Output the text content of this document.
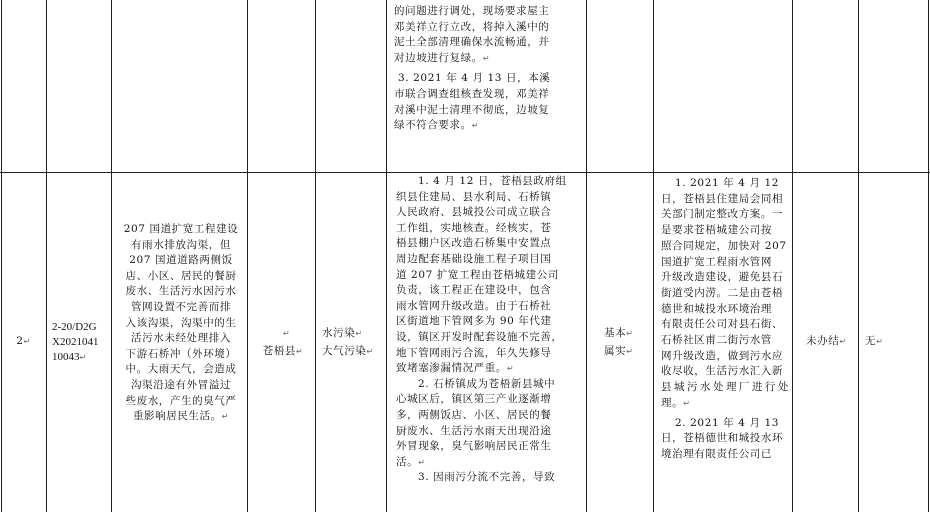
的问题进行调处，现场要求屋主

邓美祥立行立改，将掉入溪中的

泥土全部清理确保水流畅通，并

对边坡进行复绿。↵

3. 2021 年 4 月 13 日，本溪

市联合调查组核查发现，邓美祥

对溪中泥土清理不彻底，边坡复

绿不符合要求。↵

2 ↵

2-20/D2G

X2021041

10043↵

207 国道扩宽工程建设

有雨水排放沟渠，但

207 国道道路两侧饭

店、小区、居民的餐厨

废水、生活污水因污水

管网设置不完善而排

入该沟渠，沟渠中的生

活污水未经处理排入

下游石桥冲（外环境）

中。大雨天气，会造成

沟渠沿途有外冒溢过

些废水，产生的臭气严

重影响居民生活。↵

↵
苍梧县↵

水污染↵

大气污染↵

1. 4 月 12 日，苍梧县政府组

织县住建局、县水利局、石桥镇

人民政府、县城投公司成立联合

工作组，实地核查。经核实，苍

梧县棚户区改造石桥集中安置点

周边配套基础设施工程子项目国

道 207 扩宽工程由苍梧城建公司

负责，该工程正在建设中，包含

雨水管网升级改造。由于石桥社

区街道地下管网多为 90 年代建

设，镇区开发时配套设施不完善，

地下管网雨污合流，年久失修导

致堵塞渗漏情况严重。↵

2. 石桥镇成为苍梧新县城中

心城区后，镇区第三产业逐渐增

多，两侧饭店、小区、居民的餐

厨废水、生活污水雨天出现沿途

外冒现象，臭气影响居民正常生

活。↵

3. 因雨污分流不完善，导致

基本↵

属实↵

1. 2021 年 4 月 12

日，苍梧县住建局会同相

关部门制定整改方案。一

是要求苍梧城建公司按

照合同规定，加快对 207

国道扩宽工程雨水管网

升级改造建设，避免县石

街道受内涝。二是由苍梧

德世和城投水环境治理

有限责任公司对县石街、

石桥社区甫二街污水管

网升级改造，做到污水应

收尽收，生活污水汇入新

县城污水处理厂进行处理。↵

2. 2021 年 4 月 13

日，苍梧德世和城投水环

境治理有限责任公司已

未办结↵	无↵
